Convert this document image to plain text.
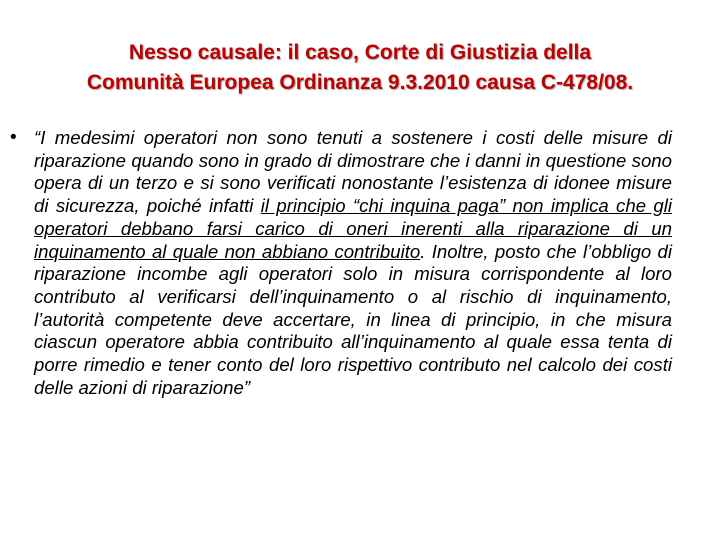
Nesso causale: il caso, Corte di Giustizia della
Comunità Europea Ordinanza 9.3.2010 causa C-478/08.
• “I medesimi operatori non sono tenuti a sostenere i costi delle misure di riparazione quando sono in grado di dimostrare che i danni in questione sono opera di un terzo e si sono verificati nonostante l’esistenza di idonee misure di sicurezza, poiché infatti il principio “chi inquina paga” non implica che gli operatori debbano farsi carico di oneri inerenti alla riparazione di un inquinamento al quale non abbiano contribuito. Inoltre, posto che l’obbligo di riparazione incombe agli operatori solo in misura corrispondente al loro contributo al verificarsi dell’inquinamento o al rischio di inquinamento, l’autorità competente deve accertare, in linea di principio, in che misura ciascun operatore abbia contribuito all’inquinamento al quale essa tenta di porre rimedio e tener conto del loro rispettivo contributo nel calcolo dei costi delle azioni di riparazione”
